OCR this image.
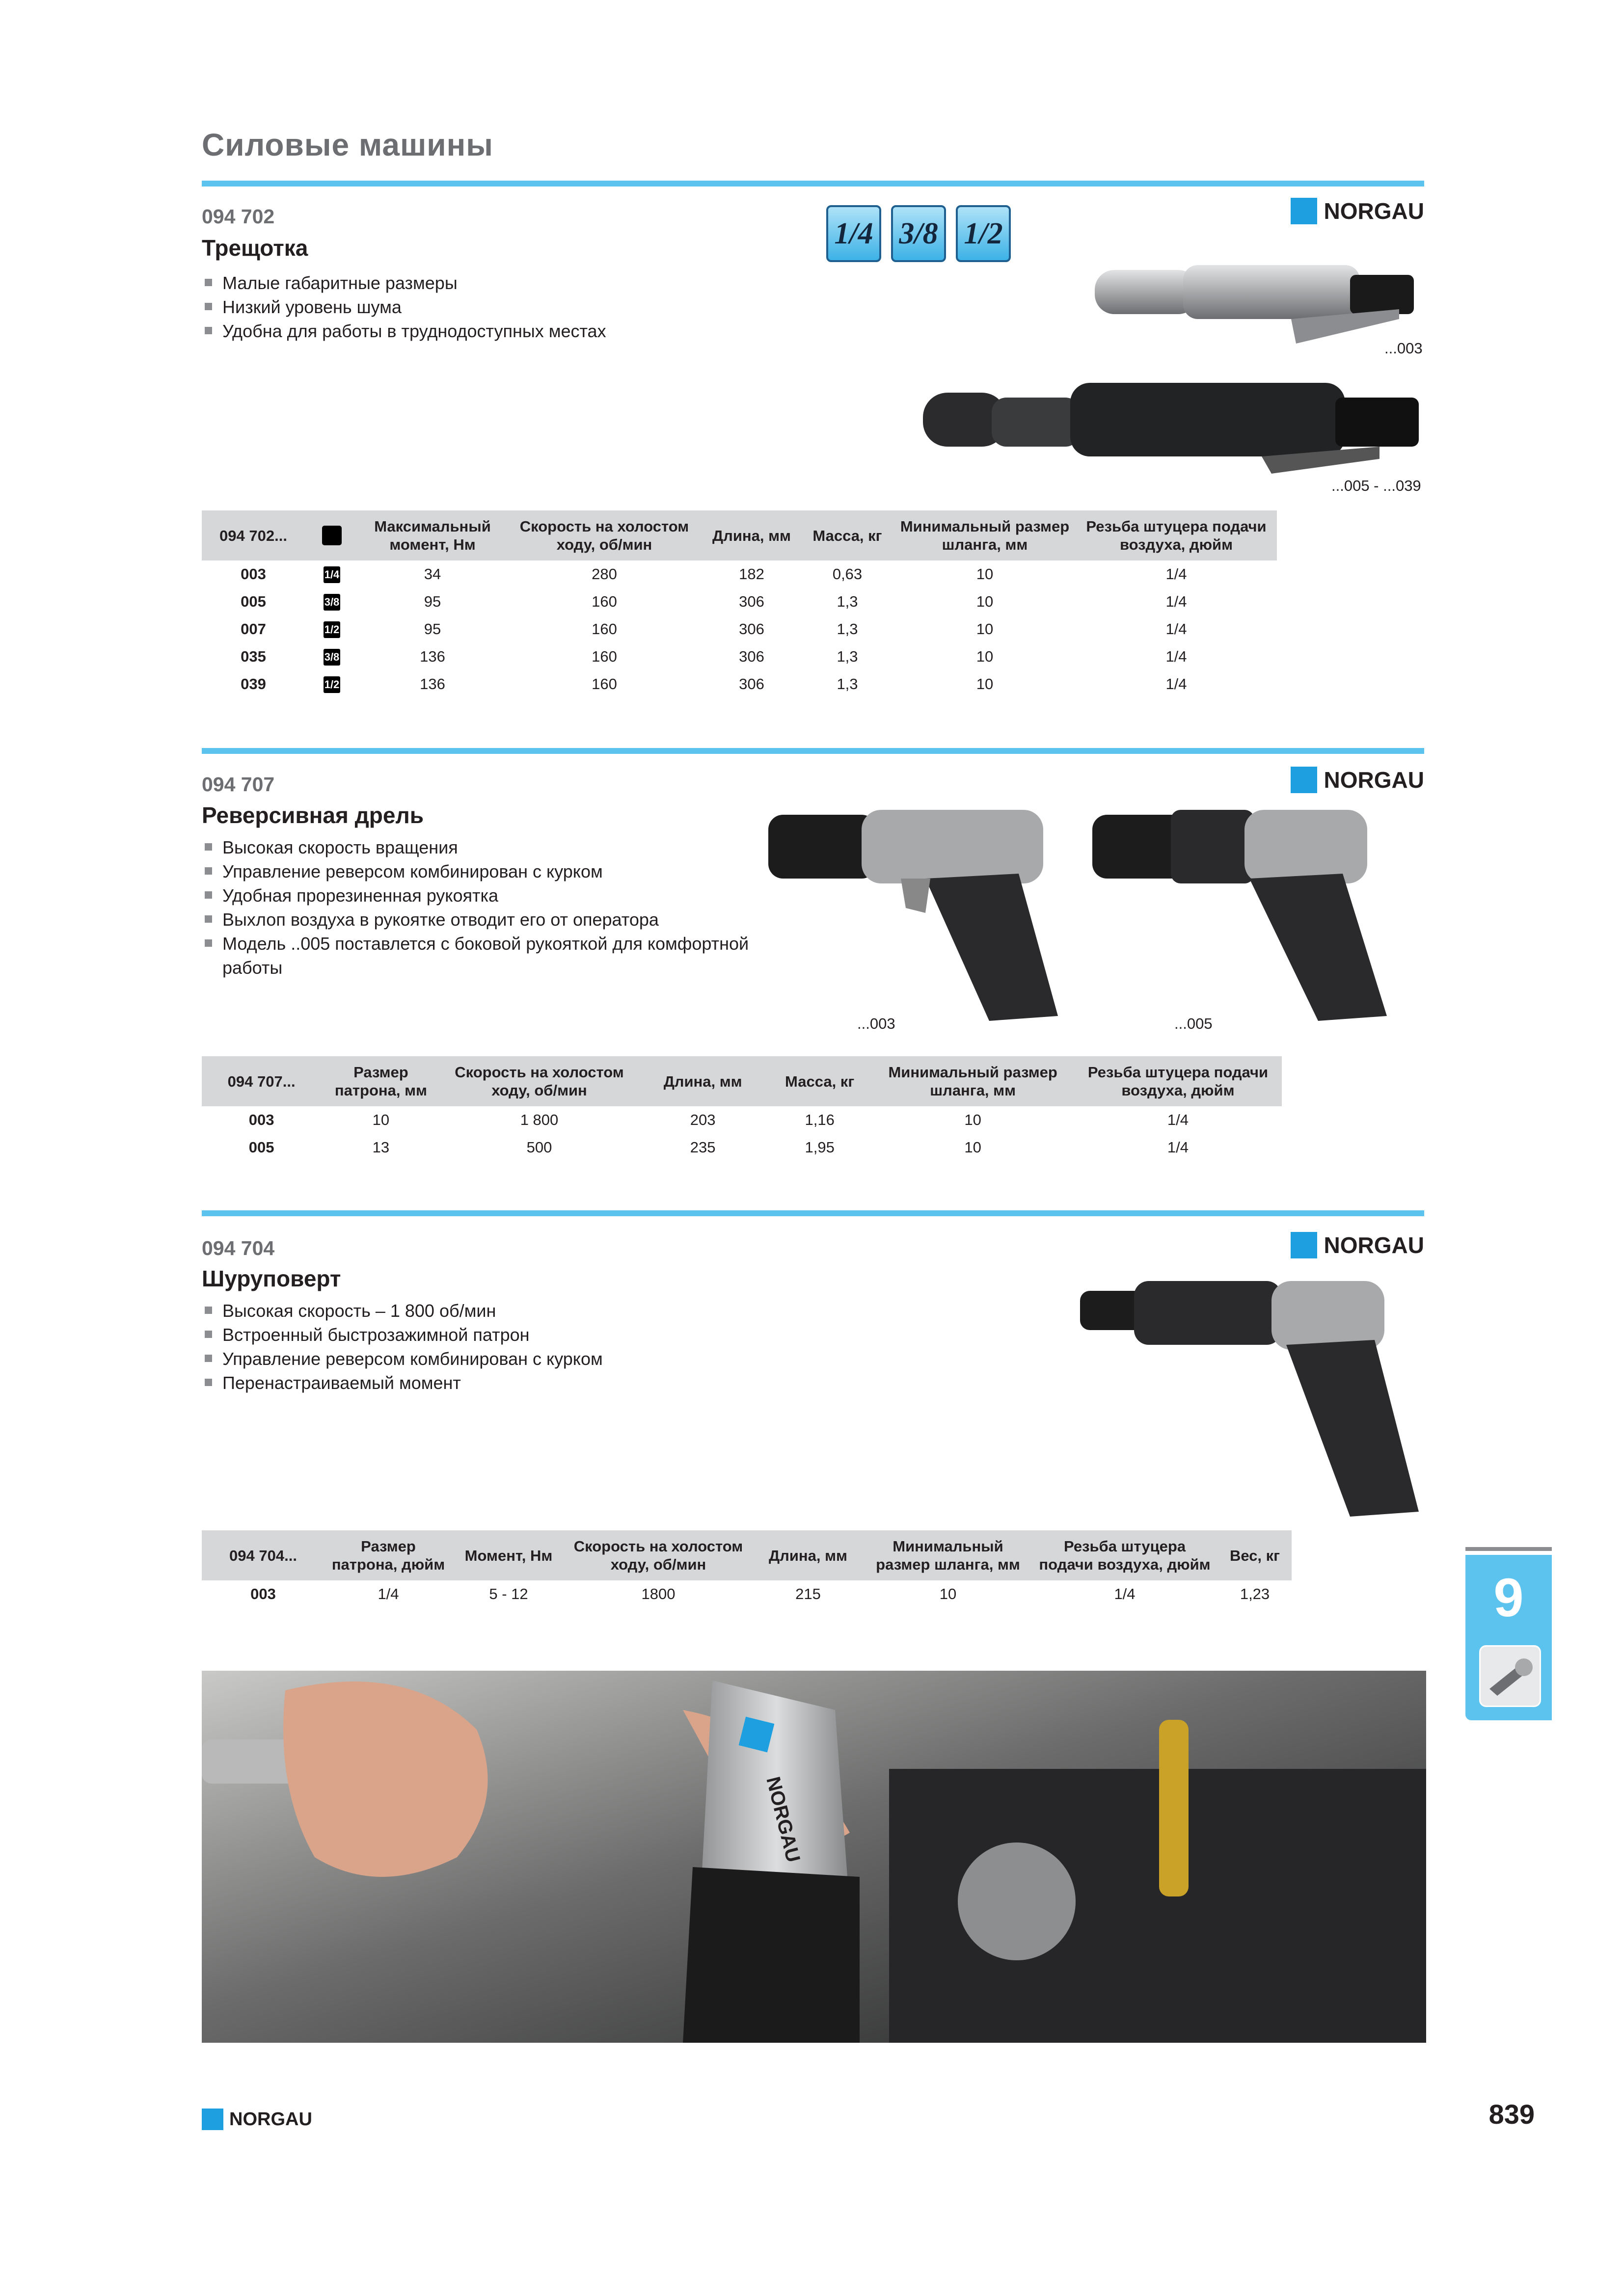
Силовые машины
094 702
Трещотка
Малые габаритные размеры
Низкий уровень шума
Удобна для работы в труднодоступных местах
1/4 3/8 1/2
NORGAU
...003
...005 - ...039
094 702...		Максимальный момент, Нм	Скорость на холостом ходу, об/мин	Длина, мм	Масса, кг	Минимальный размер шланга, мм	Резьба штуцера подачи воздуха, дюйм
003	1/4	34	280	182	0,63	10	1/4
005	3/8	95	160	306	1,3	10	1/4
007	1/2	95	160	306	1,3	10	1/4
035	3/8	136	160	306	1,3	10	1/4
039	1/2	136	160	306	1,3	10	1/4
094 707
Реверсивная дрель
Высокая скорость вращения
Управление реверсом комбинирован с курком
Удобная прорезиненная рукоятка
Выхлоп воздуха в рукоятке отводит его от оператора
Модель ..005 поставлется с боковой рукояткой для комфортной работы
NORGAU
...003	...005
094 707...	Размер патрона, мм	Скорость на холостом ходу, об/мин	Длина, мм	Масса, кг	Минимальный размер шланга, мм	Резьба штуцера подачи воздуха, дюйм
003	10	1 800	203	1,16	10	1/4
005	13	500	235	1,95	10	1/4
094 704
Шуруповерт
Высокая скорость – 1 800 об/мин
Встроенный быстрозажимной патрон
Управление реверсом комбинирован с курком
Перенастраиваемый момент
NORGAU
094 704...	Размер патрона, дюйм	Момент, Нм	Скорость на холостом ходу, об/мин	Длина, мм	Минимальный размер шланга, мм	Резьба штуцера подачи воздуха, дюйм	Вес, кг
003	1/4	5 - 12	1800	215	10	1/4	1,23	9
NORGAU
NORGAU	839
